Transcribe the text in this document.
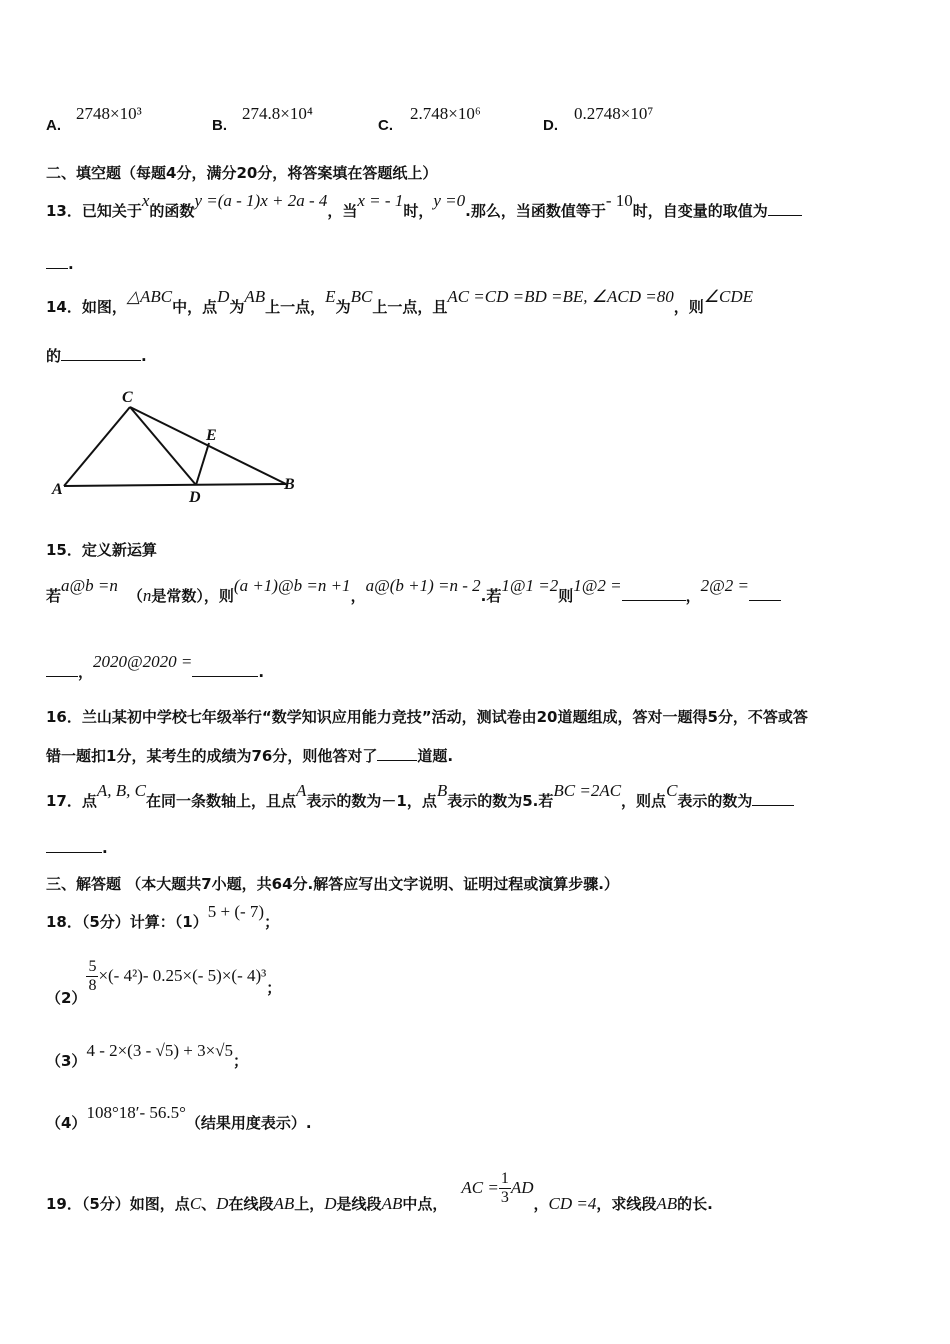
A.
2748×10³
B.
274.8×10⁴
C.
2.748×10⁶
D.
0.2748×10⁷
二、填空题（每题4分，满分20分，将答案填在答题纸上）
13．已知关于x的函数y =(a - 1)x + 2a - 4，当x = - 1时，y =0.那么，当函数值等于- 10时，自变量的取值为
.
14．如图，△ABC中，点D为AB上一点，E为BC上一点，且AC =CD =BD =BE, ∠ACD =80，则∠CDE
的	.
A	B
C
D
E
15．定义新运算
若a@b =n（n是常数），则(a +1)@b =n +1，a@(b +1) =n - 2.若1@1 =2则1@2 =，2@2 =
，2020@2020 =.
16．兰山某初中学校七年级举行“数学知识应用能力竞技”活动，测试卷由20道题组成，答对一题得5分，不答或答
错一题扣1分，某考生的成绩为76分，则他答对了	道题.
17．点A, B, C在同一条数轴上，且点A表示的数为－1，点B表示的数为5.若BC =2AC，则点C表示的数为
.
三、解答题 （本大题共7小题，共64分.解答应写出文字说明、证明过程或演算步骤.）
18．（5分）计算：（1）5 + (- 7)；
（2）
$\frac{5}{8}$ ×(- 4²)- 0.25×(- 5)×(- 4)³；
（3）4 - 2×(3 - √5) + 3×√5；
（4）108°18′- 56.5°（结果用度表示）.
19．（5分）如图，点C、D在线段AB上，D是线段AB中点，AC = $\frac{1}{3}$ AD，CD =4，求线段AB的长.
